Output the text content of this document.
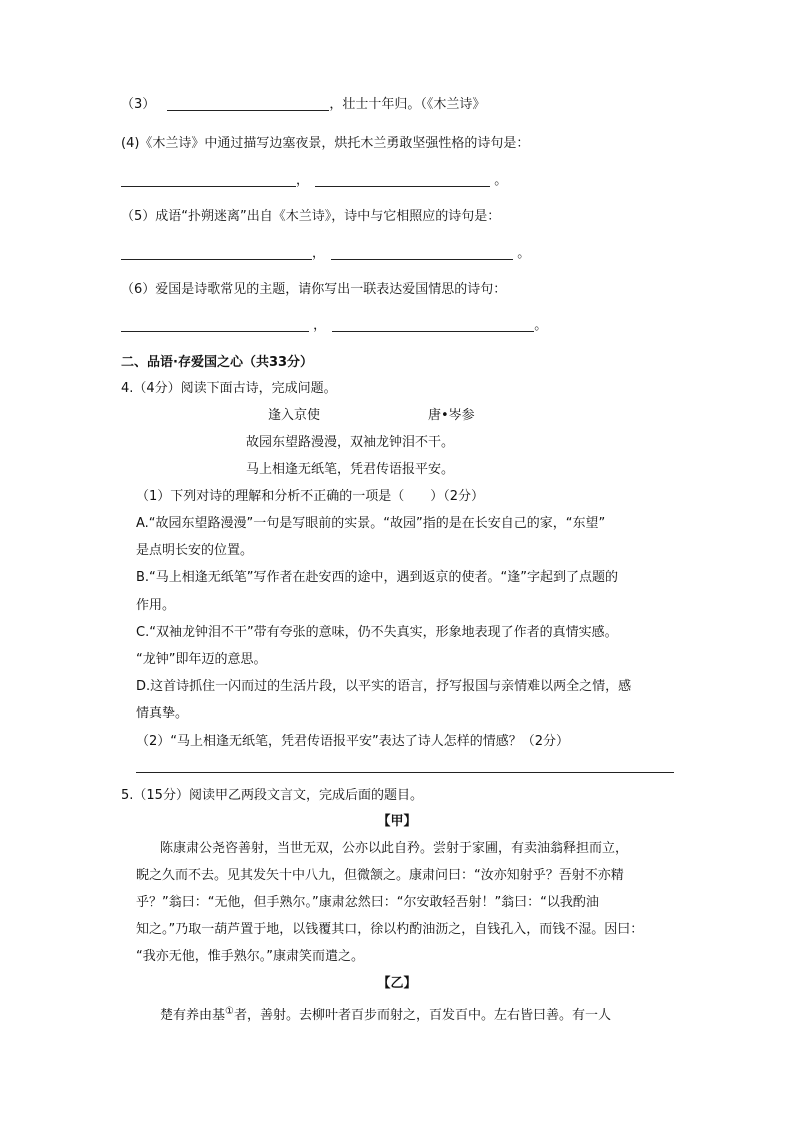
（3）	，壮士十年归。（《木兰诗》
(4)《木兰诗》中通过描写边塞夜景，烘托木兰勇敢坚强性格的诗句是：
，	。
（5）成语“扑朔迷离”出自《木兰诗》，诗中与它相照应的诗句是：
，	。
（6）爱国是诗歌常见的主题，请你写出一联表达爱国情思的诗句：
，	。
二、品语·存爱国之心（共33分）
4.（4分）阅读下面古诗，完成问题。
逢入京使	唐•岑参
故园东望路漫漫，双袖龙钟泪不干。
马上相逢无纸笔，凭君传语报平安。
（1）下列对诗的理解和分析不正确的一项是（　　）（2分）
A.“故园东望路漫漫”一句是写眼前的实景。“故园”指的是在长安自己的家，“东望”
是点明长安的位置。
B.“马上相逢无纸笔”写作者在赴安西的途中，遇到返京的使者。“逢”字起到了点题的
作用。
C.“双袖龙钟泪不干”带有夸张的意味，仍不失真实，形象地表现了作者的真情实感。
“龙钟”即年迈的意思。
D.这首诗抓住一闪而过的生活片段，以平实的语言，抒写报国与亲情难以两全之情，感
情真挚。
（2）“马上相逢无纸笔，凭君传语报平安”表达了诗人怎样的情感？（2分）
5.（15分）阅读甲乙两段文言文，完成后面的题目。
【甲】
陈康肃公尧咨善射，当世无双，公亦以此自矜。尝射于家圃，有卖油翁释担而立，
睨之久而不去。见其发矢十中八九，但微颔之。康肃问曰：“汝亦知射乎？吾射不亦精
乎？”翁曰：“无他，但手熟尔。”康肃忿然曰：“尔安敢轻吾射！”翁曰：“以我酌油
知之。”乃取一葫芦置于地，以钱覆其口，徐以杓酌油沥之，自钱孔入，而钱不湿。因曰：
“我亦无他，惟手熟尔。”康肃笑而遣之。
【乙】
楚有养由基①者，善射。去柳叶者百步而射之，百发百中。左右皆曰善。有一人
